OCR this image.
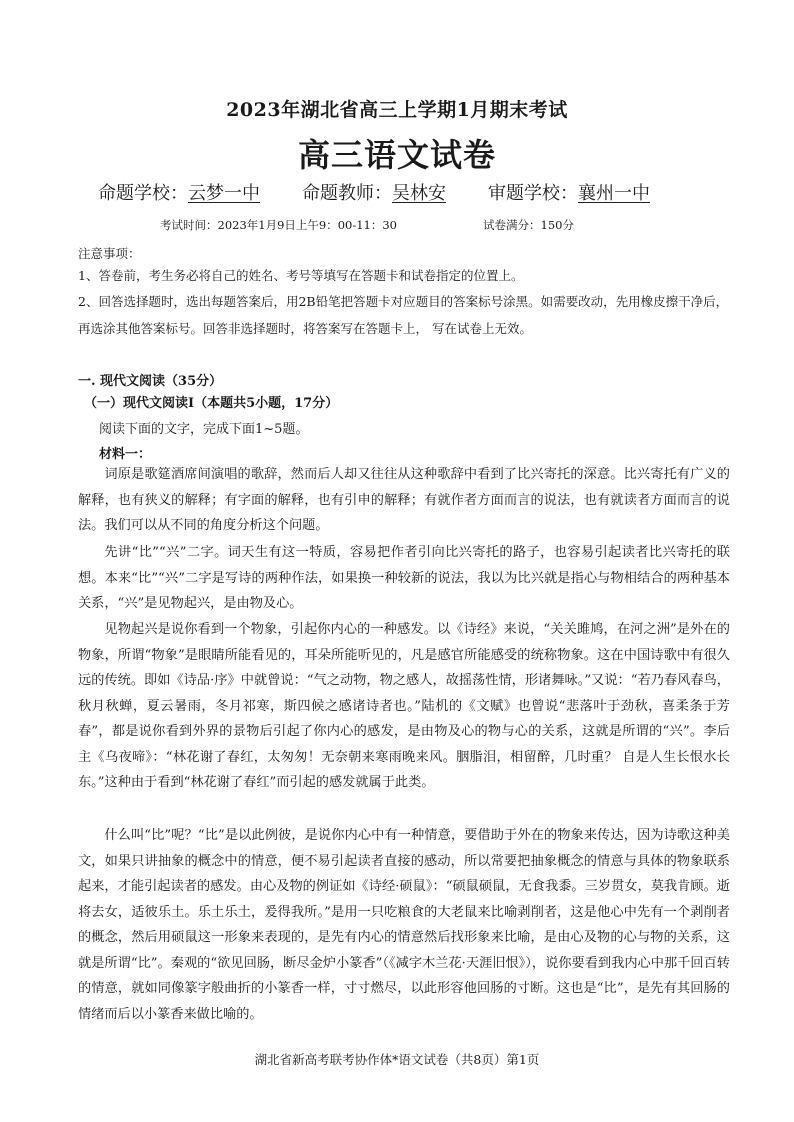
2023年湖北省高三上学期1月期末考试
高三语文试卷
命题学校：云梦一中 命题教师：吴林安 审题学校：襄州一中
考试时间：2023年1月9日上午9：00-11：30	试卷满分：150分
注意事项：
1、答卷前，考生务必将自己的姓名、考号等填写在答题卡和试卷指定的位置上。
2、回答选择题时，选出每题答案后，用2B铅笔把答题卡对应题目的答案标号涂黑。如需要改动，先用橡皮擦干净后，再选涂其他答案标号。回答非选择题时，将答案写在答题卡上， 写在试卷上无效。
一. 现代文阅读（35分）
（一）现代文阅读Ⅰ（本题共5小题，17分）
阅读下面的文字，完成下面1~5题。
材料一：

词原是歌筵酒席间演唱的歌辞，然而后人却又往往从这种歌辞中看到了比兴寄托的深意。比兴寄托有广义的解释，也有狭义的解释；有字面的解释，也有引申的解释；有就作者方面而言的说法，也有就读者方面而言的说法。我们可以从不同的角度分析这个问题。

先讲“比”“兴”二字。词天生有这一特质，容易把作者引向比兴寄托的路子，也容易引起读者比兴寄托的联想。本来“比”“兴”二字是写诗的两种作法，如果换一种较新的说法，我以为比兴就是指心与物相结合的两种基本关系，“兴”是见物起兴，是由物及心。

见物起兴是说你看到一个物象，引起你内心的一种感发。以《诗经》来说，“关关雎鸠，在河之洲”是外在的物象，所谓“物象”是眼睛所能看见的，耳朵所能听见的，凡是感官所能感受的统称物象。这在中国诗歌中有很久远的传统。即如《诗品·序》中就曾说：“气之动物，物之感人，故摇荡性情，形诸舞咏。”又说：“若乃春风春鸟，秋月秋蝉，夏云暑雨，冬月祁寒，斯四候之感诸诗者也。”陆机的《文赋》也曾说“悲落叶于劲秋，喜柔条于芳春”，都是说你看到外界的景物后引起了你内心的感发，是由物及心的物与心的关系，这就是所谓的“兴”。李后主《乌夜啼》：“林花谢了春红，太匆匆！无奈朝来寒雨晚来风。胭脂泪，相留醉，几时重？ 自是人生长恨水长东。”这种由于看到“林花谢了春红”而引起的感发就属于此类。

什么叫“比”呢？“比”是以此例彼，是说你内心中有一种情意，要借助于外在的物象来传达，因为诗歌这种美文，如果只讲抽象的概念中的情意，便不易引起读者直接的感动，所以常要把抽象概念的情意与具体的物象联系起来，才能引起读者的感发。由心及物的例证如《诗经·硕鼠》：“硕鼠硕鼠，无食我黍。三岁贯女，莫我肯顾。逝将去女，适彼乐土。乐土乐土，爰得我所。”是用一只吃粮食的大老鼠来比喻剥削者，这是他心中先有一个剥削者的概念，然后用硕鼠这一形象来表现的，是先有内心的情意然后找形象来比喻，是由心及物的心与物的关系，这就是所谓“比”。秦观的“欲见回肠，断尽金炉小篆香”（《减字木兰花·天涯旧恨》），说你要看到我内心中那千回百转的情意，就如同像篆字般曲折的小篆香一样，寸寸燃尽，以此形容他回肠的寸断。这也是“比”，是先有其回肠的情绪而后以小篆香来做比喻的。

湖北省新高考联考协作体*语文试卷（共8页）第1页
